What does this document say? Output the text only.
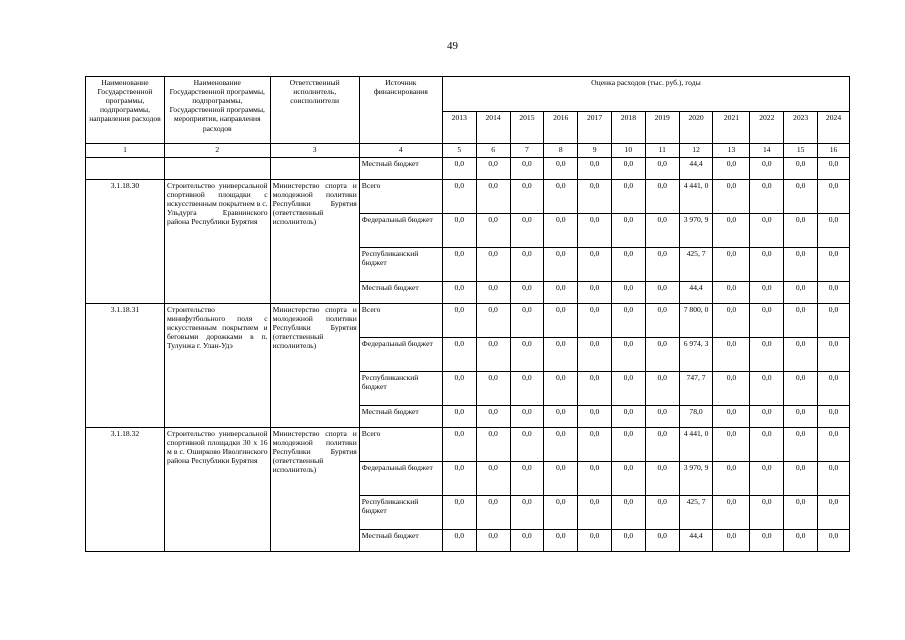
49
Наименование Государственной программы, подпрограммы, направления расходов	Наименование Государственной программы, подпрограммы, Государственной программы, мероприятия, направления расходов	Ответственный исполнитель, соисполнители	Источник финансирования	Оценка расходов (тыс. руб.), годы											
				2013	2014	2015	2016	2017	2018	2019	2020	2021	2022	2023	2024
1	2	3	4	5	6	7	8	9	10	11	12	13	14	15	16
			Местный бюджет	0,0	0,0	0,0	0,0	0,0	0,0	0,0	44,4	0,0	0,0	0,0	0,0
3.1.18.30	Строительство универсальной спортивной площадки с искусственным покрытием в с. Ульдурга Еравнинского района Республики Бурятия	Министерство спорта и молодежной политики Республики Бурятия (ответственный исполнитель)	Всего	0,0	0,0	0,0	0,0	0,0	0,0	0,0	4 441, 0	0,0	0,0	0,0	0,0
			Федеральный бюджет	0,0	0,0	0,0	0,0	0,0	0,0	0,0	3 970, 9	0,0	0,0	0,0	0,0
			Республиканский бюджет	0,0	0,0	0,0	0,0	0,0	0,0	0,0	425, 7	0,0	0,0	0,0	0,0
			Местный бюджет	0,0	0,0	0,0	0,0	0,0	0,0	0,0	44,4	0,0	0,0	0,0	0,0
3.1.18.31	Строительство минифутбольного поля с искусственным покрытием и беговыми дорожками в п. Тулунжа г. Улан-Удэ	Министерство спорта и молодежной политики Республики Бурятия (ответственный исполнитель)	Всего	0,0	0,0	0,0	0,0	0,0	0,0	0,0	7 800, 0	0,0	0,0	0,0	0,0
			Федеральный бюджет	0,0	0,0	0,0	0,0	0,0	0,0	0,0	6 974, 3	0,0	0,0	0,0	0,0
			Республиканский бюджет	0,0	0,0	0,0	0,0	0,0	0,0	0,0	747, 7	0,0	0,0	0,0	0,0
			Местный бюджет	0,0	0,0	0,0	0,0	0,0	0,0	0,0	78,0	0,0	0,0	0,0	0,0
3.1.18.32	Строительство универсальной спортивной площадки 30 х 16 м в с. Оширково Иволгинского района Республики Бурятия	Министерство спорта и молодежной политики Республики Бурятия (ответственный исполнитель)	Всего	0,0	0,0	0,0	0,0	0,0	0,0	0,0	4 441, 0	0,0	0,0	0,0	0,0
			Федеральный бюджет	0,0	0,0	0,0	0,0	0,0	0,0	0,0	3 970, 9	0,0	0,0	0,0	0,0
			Республиканский бюджет	0,0	0,0	0,0	0,0	0,0	0,0	0,0	425, 7	0,0	0,0	0,0	0,0
			Местный бюджет	0,0	0,0	0,0	0,0	0,0	0,0	0,0	44,4	0,0	0,0	0,0	0,0
